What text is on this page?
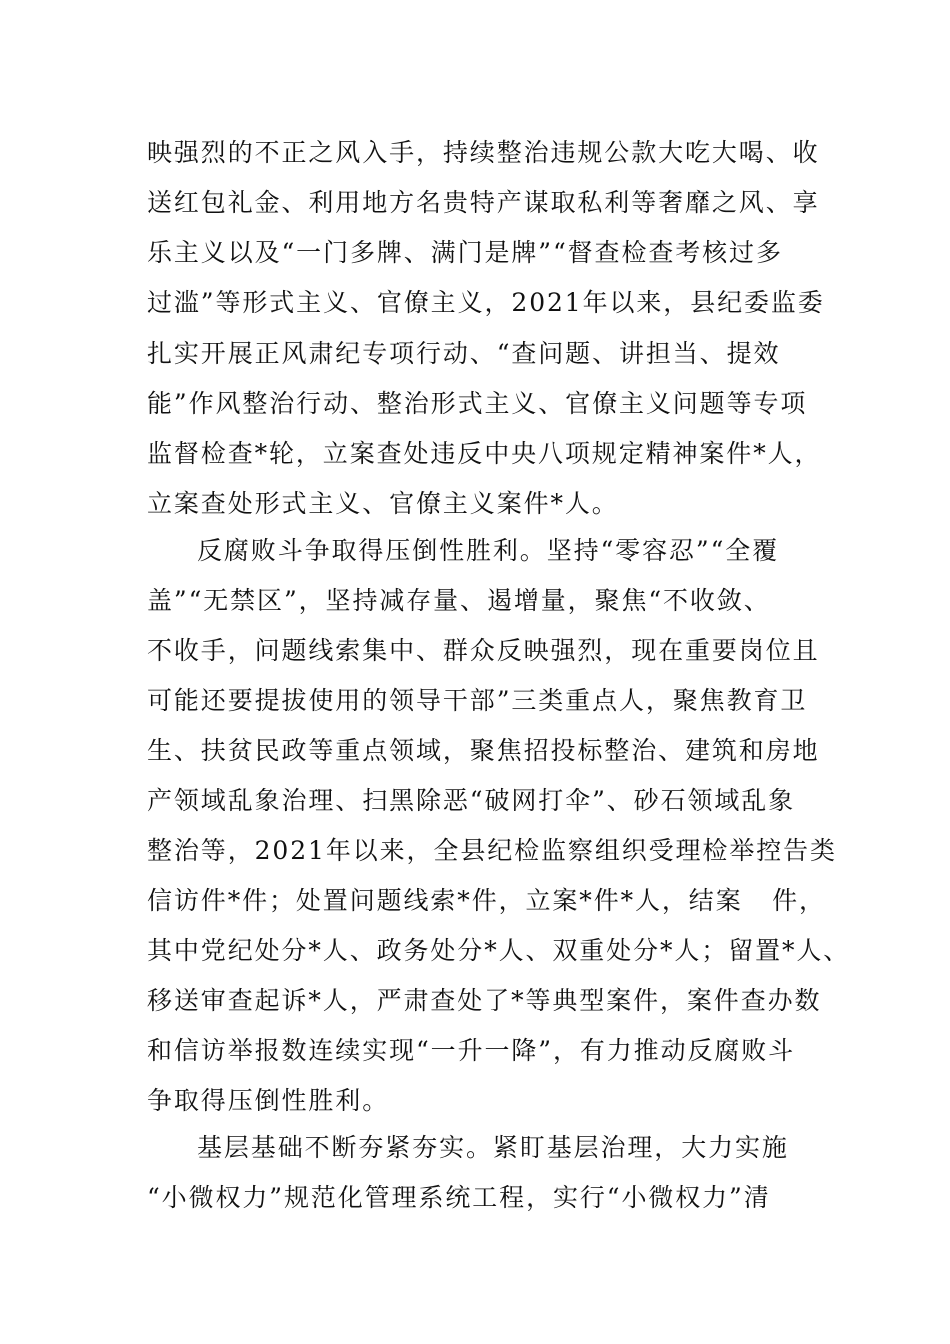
映强烈的不正之风入手，持续整治违规公款大吃大喝、收
送红包礼金、利用地方名贵特产谋取私利等奢靡之风、享
乐主义以及“一门多牌、满门是牌”“督查检查考核过多
过滥”等形式主义、官僚主义，2021年以来，县纪委监委
扎实开展正风肃纪专项行动、“查问题、讲担当、提效
能”作风整治行动、整治形式主义、官僚主义问题等专项
监督检查*轮，立案查处违反中央八项规定精神案件*人，
立案查处形式主义、官僚主义案件*人。
反腐败斗争取得压倒性胜利。坚持“零容忍”“全覆
盖”“无禁区”，坚持减存量、遏增量，聚焦“不收敛、
不收手，问题线索集中、群众反映强烈，现在重要岗位且
可能还要提拔使用的领导干部”三类重点人，聚焦教育卫
生、扶贫民政等重点领域，聚焦招投标整治、建筑和房地
产领域乱象治理、扫黑除恶“破网打伞”、砂石领域乱象
整治等，2021年以来，全县纪检监察组织受理检举控告类
信访件*件；处置问题线索*件，立案*件*人，结案   件，
其中党纪处分*人、政务处分*人、双重处分*人；留置*人、
移送审查起诉*人，严肃查处了*等典型案件，案件查办数
和信访举报数连续实现“一升一降”，有力推动反腐败斗
争取得压倒性胜利。
基层基础不断夯紧夯实。紧盯基层治理，大力实施
“小微权力”规范化管理系统工程，实行“小微权力”清
